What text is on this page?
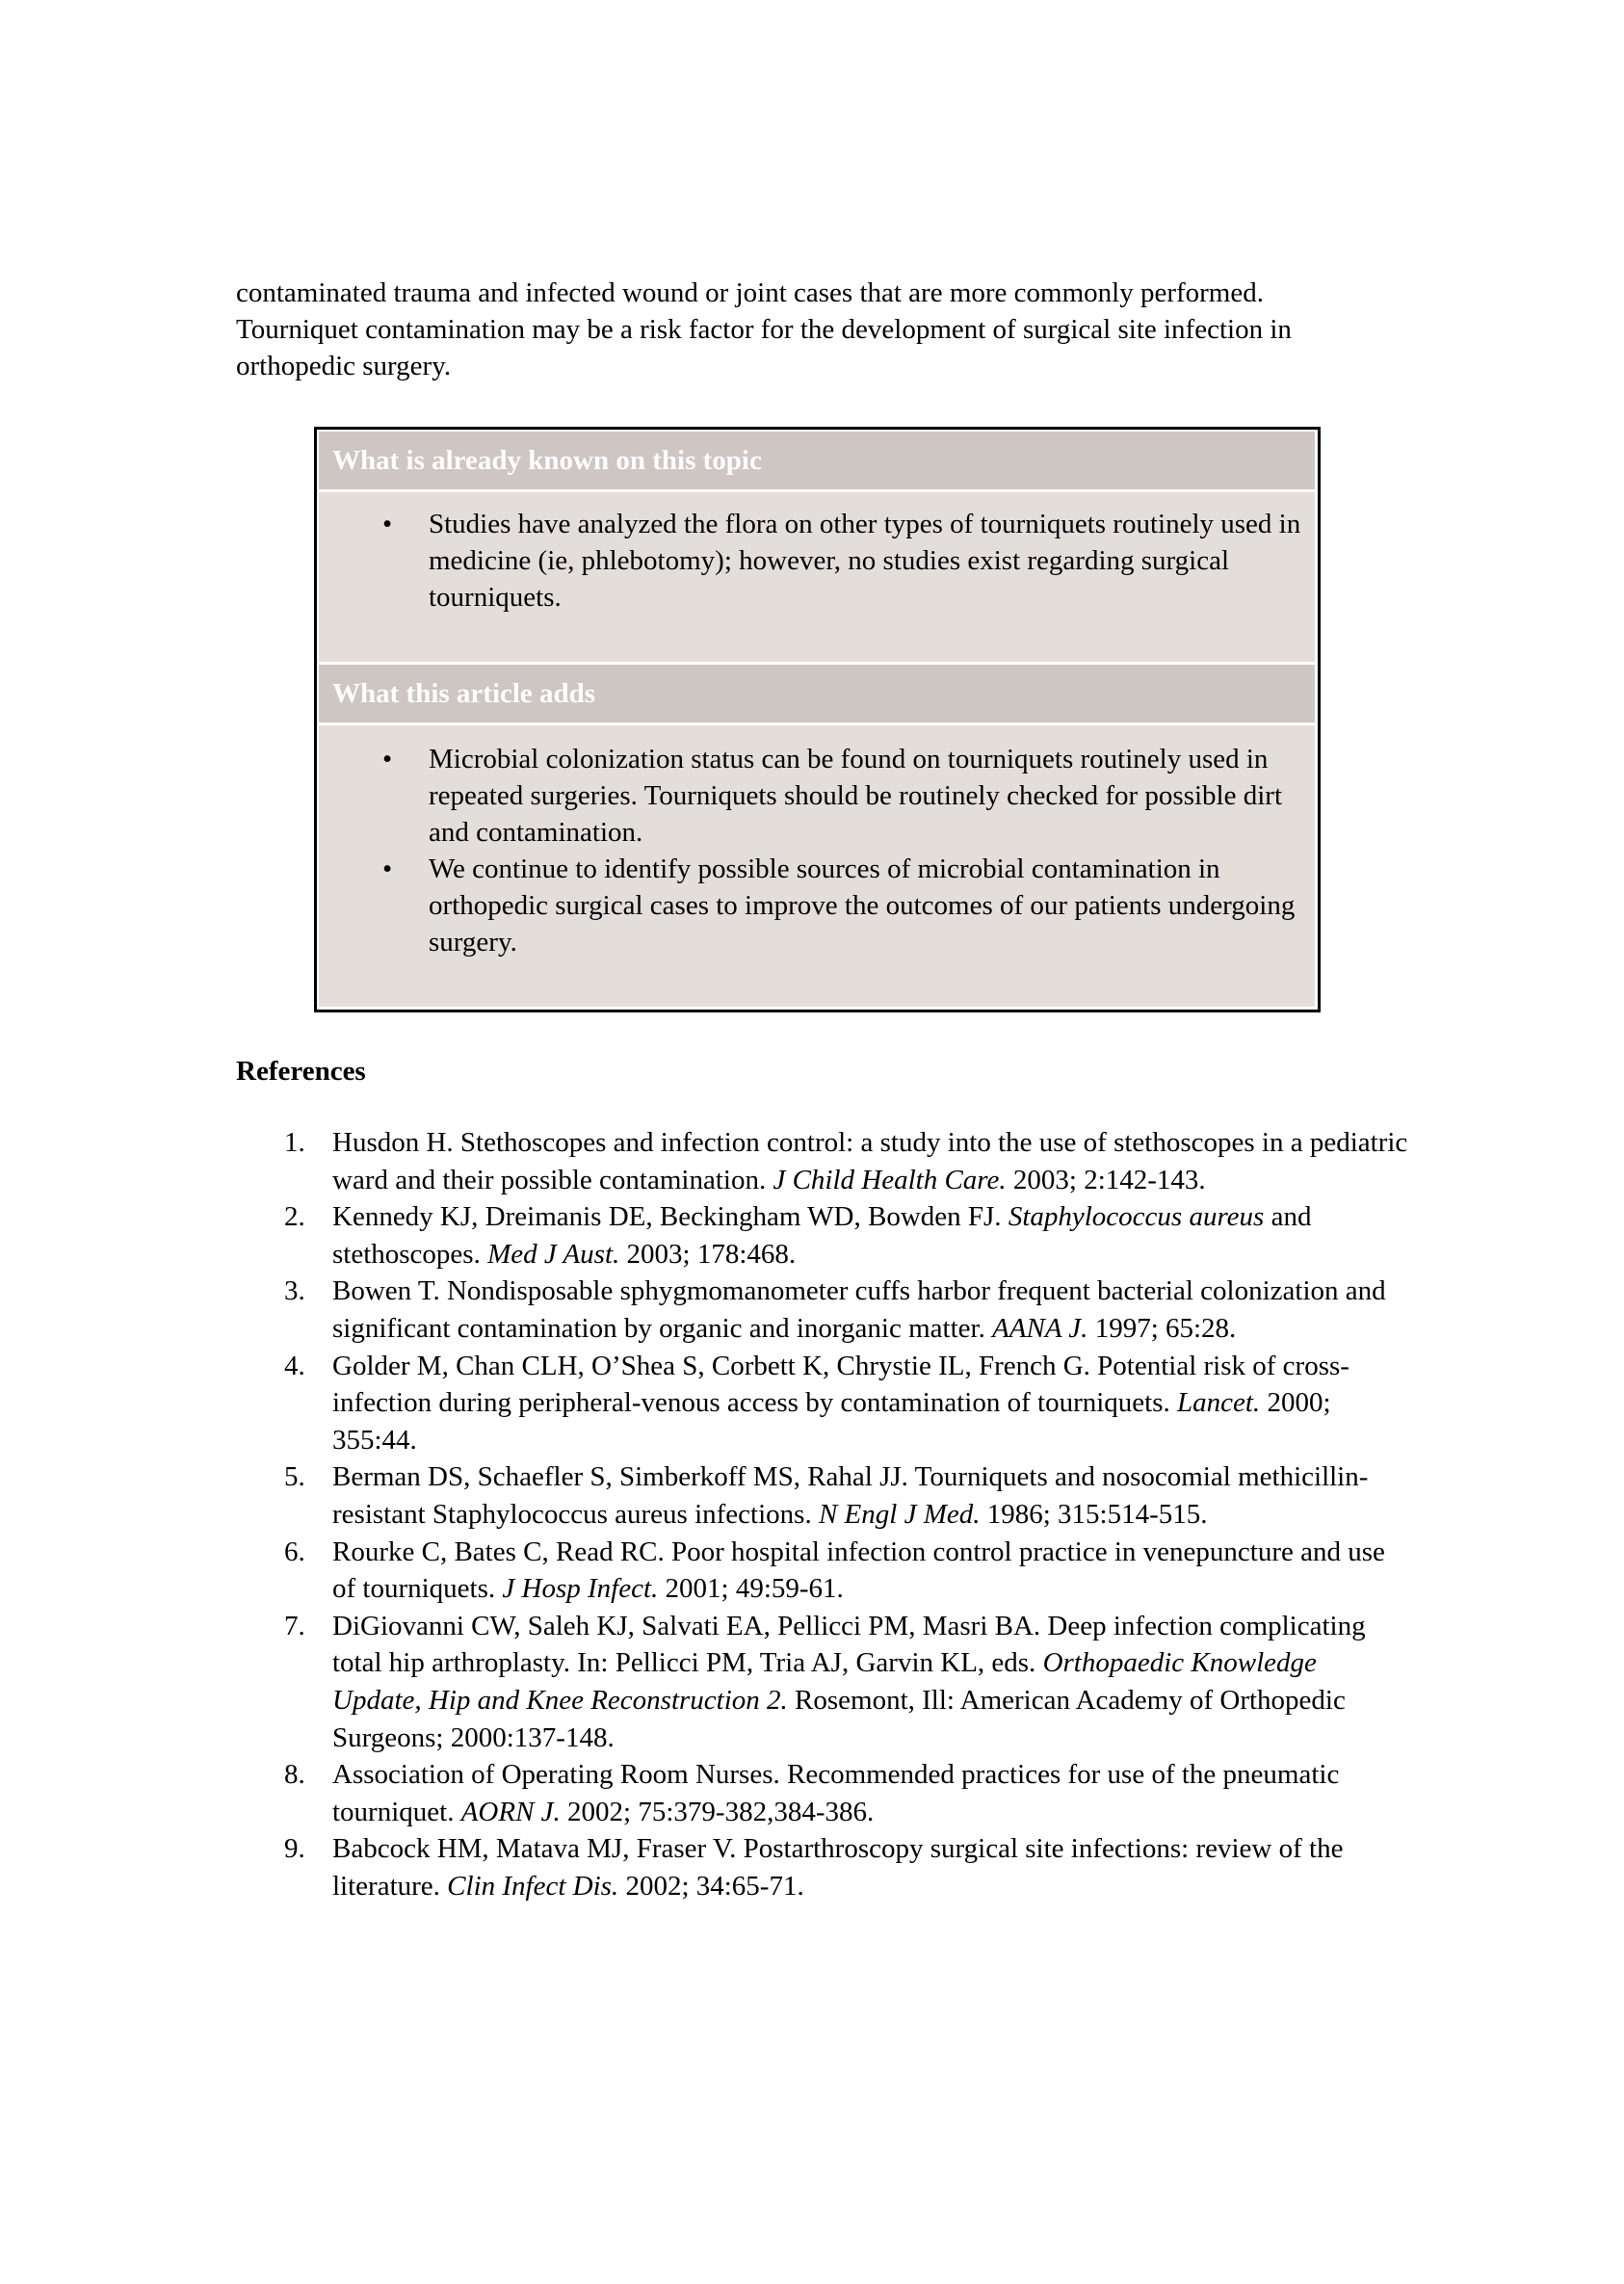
contaminated trauma and infected wound or joint cases that are more commonly performed. Tourniquet contamination may be a risk factor for the development of surgical site infection in orthopedic surgery.

What is already known on this topic
• Studies have analyzed the flora on other types of tourniquets routinely used in medicine (ie, phlebotomy); however, no studies exist regarding surgical tourniquets.
What this article adds
• Microbial colonization status can be found on tourniquets routinely used in repeated surgeries. Tourniquets should be routinely checked for possible dirt and contamination.
• We continue to identify possible sources of microbial contamination in orthopedic surgical cases to improve the outcomes of our patients undergoing surgery.
References
1. Husdon H. Stethoscopes and infection control: a study into the use of stethoscopes in a pediatric ward and their possible contamination. J Child Health Care. 2003; 2:142-143.
2. Kennedy KJ, Dreimanis DE, Beckingham WD, Bowden FJ. Staphylococcus aureus and stethoscopes. Med J Aust. 2003; 178:468.
3. Bowen T. Nondisposable sphygmomanometer cuffs harbor frequent bacterial colonization and significant contamination by organic and inorganic matter. AANA J. 1997; 65:28.
4. Golder M, Chan CLH, O’Shea S, Corbett K, Chrystie IL, French G. Potential risk of cross-infection during peripheral-venous access by contamination of tourniquets. Lancet. 2000; 355:44.
5. Berman DS, Schaefler S, Simberkoff MS, Rahal JJ. Tourniquets and nosocomial methicillin-resistant Staphylococcus aureus infections. N Engl J Med. 1986; 315:514-515.
6. Rourke C, Bates C, Read RC. Poor hospital infection control practice in venepuncture and use of tourniquets. J Hosp Infect. 2001; 49:59-61.
7. DiGiovanni CW, Saleh KJ, Salvati EA, Pellicci PM, Masri BA. Deep infection complicating total hip arthroplasty. In: Pellicci PM, Tria AJ, Garvin KL, eds. Orthopaedic Knowledge Update, Hip and Knee Reconstruction 2. Rosemont, Ill: American Academy of Orthopedic Surgeons; 2000:137-148.
8. Association of Operating Room Nurses. Recommended practices for use of the pneumatic tourniquet. AORN J. 2002; 75:379-382,384-386.
9. Babcock HM, Matava MJ, Fraser V. Postarthroscopy surgical site infections: review of the literature. Clin Infect Dis. 2002; 34:65-71.
